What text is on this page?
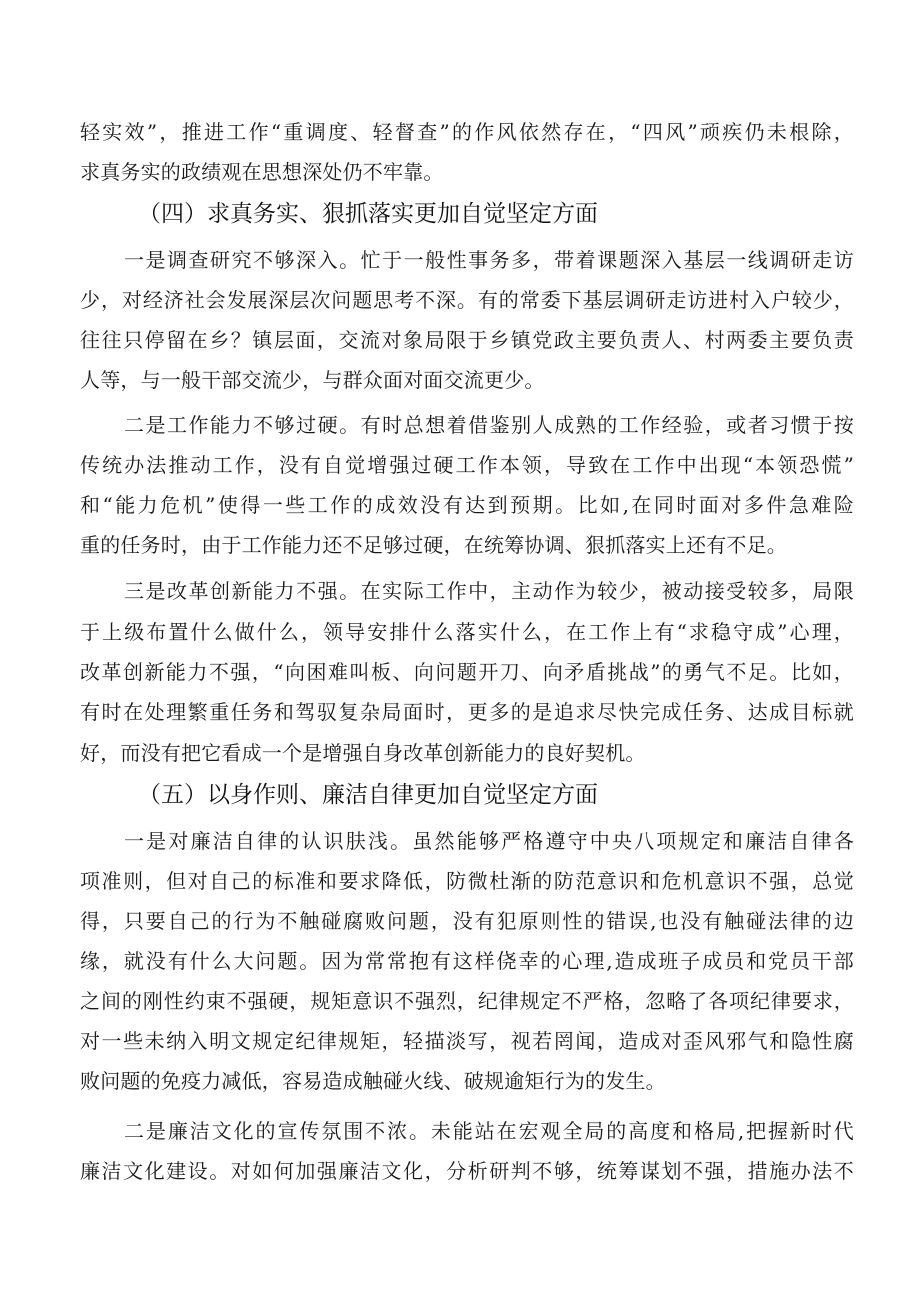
轻实效”，推进工作“重调度、轻督查”的作风依然存在，“四风”顽疾仍未根除，
求真务实的政绩观在思想深处仍不牢靠。
（四）求真务实、狠抓落实更加自觉坚定方面
一是调查研究不够深入。忙于一般性事务多，带着课题深入基层一线调研走访
少，对经济社会发展深层次问题思考不深。有的常委下基层调研走访进村入户较少，
往往只停留在乡？镇层面，交流对象局限于乡镇党政主要负责人、村两委主要负责
人等，与一般干部交流少，与群众面对面交流更少。
二是工作能力不够过硬。有时总想着借鉴别人成熟的工作经验，或者习惯于按
传统办法推动工作，没有自觉增强过硬工作本领，导致在工作中出现“本领恐慌”
和“能力危机”使得一些工作的成效没有达到预期。比如,在同时面对多件急难险
重的任务时，由于工作能力还不足够过硬，在统筹协调、狠抓落实上还有不足。
三是改革创新能力不强。在实际工作中，主动作为较少，被动接受较多，局限
于上级布置什么做什么，领导安排什么落实什么，在工作上有“求稳守成”心理，
改革创新能力不强，“向困难叫板、向问题开刀、向矛盾挑战”的勇气不足。比如，
有时在处理繁重任务和驾驭复杂局面时，更多的是追求尽快完成任务、达成目标就
好，而没有把它看成一个是增强自身改革创新能力的良好契机。
（五）以身作则、廉洁自律更加自觉坚定方面
一是对廉洁自律的认识肤浅。虽然能够严格遵守中央八项规定和廉洁自律各
项准则，但对自己的标准和要求降低，防微杜渐的防范意识和危机意识不强，总觉
得，只要自己的行为不触碰腐败问题，没有犯原则性的错误,也没有触碰法律的边
缘，就没有什么大问题。因为常常抱有这样侥幸的心理,造成班子成员和党员干部
之间的刚性约束不强硬，规矩意识不强烈，纪律规定不严格，忽略了各项纪律要求，
对一些未纳入明文规定纪律规矩，轻描淡写，视若罔闻，造成对歪风邪气和隐性腐
败问题的免疫力减低，容易造成触碰火线、破规逾矩行为的发生。
二是廉洁文化的宣传氛围不浓。未能站在宏观全局的高度和格局,把握新时代
廉洁文化建设。对如何加强廉洁文化，分析研判不够，统筹谋划不强，措施办法不
